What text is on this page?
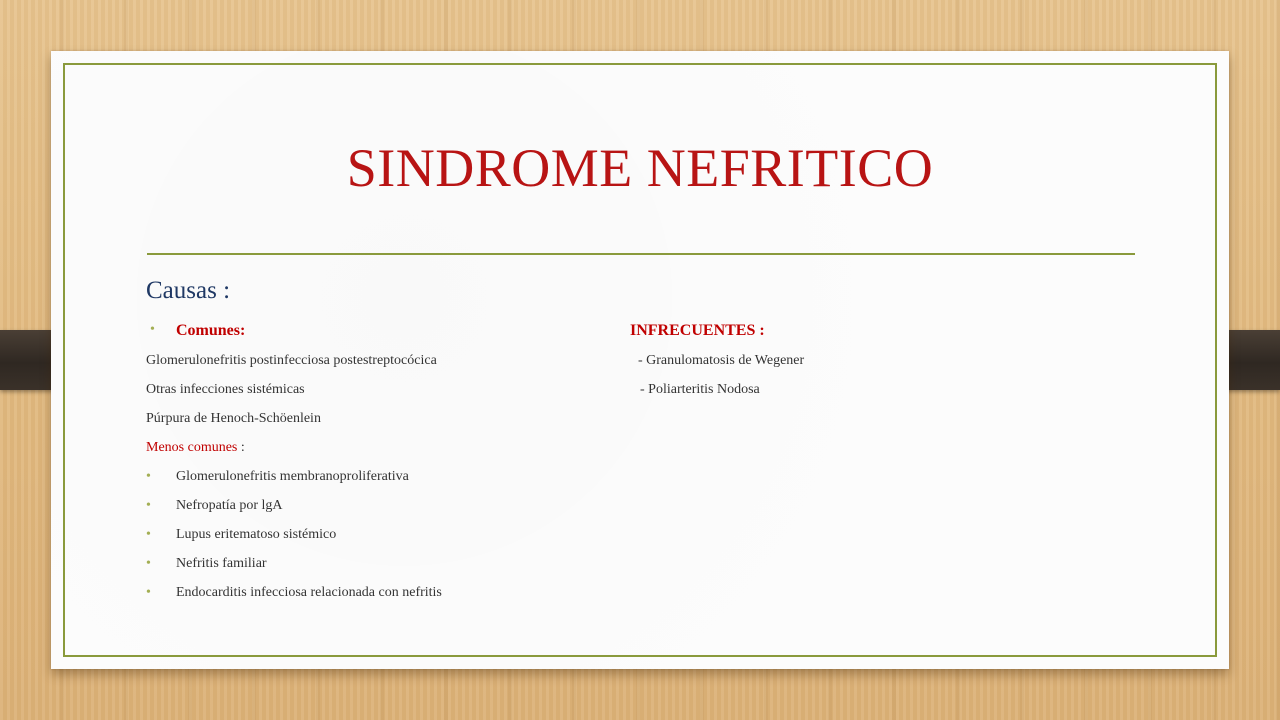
SINDROME NEFRITICO
Causas :
• Comunes:	INFRECUENTES :
Glomerulonefritis postinfecciosa postestreptocócica
Otras infecciones sistémicas
Púrpura de Henoch-Schöenlein
- Granulomatosis de Wegener
- Poliarteritis Nodosa
Menos comunes :
• Glomerulonefritis membranoproliferativa
• Nefropatía por lgA
• Lupus eritematoso sistémico
• Nefritis familiar
• Endocarditis infecciosa relacionada con nefritis
